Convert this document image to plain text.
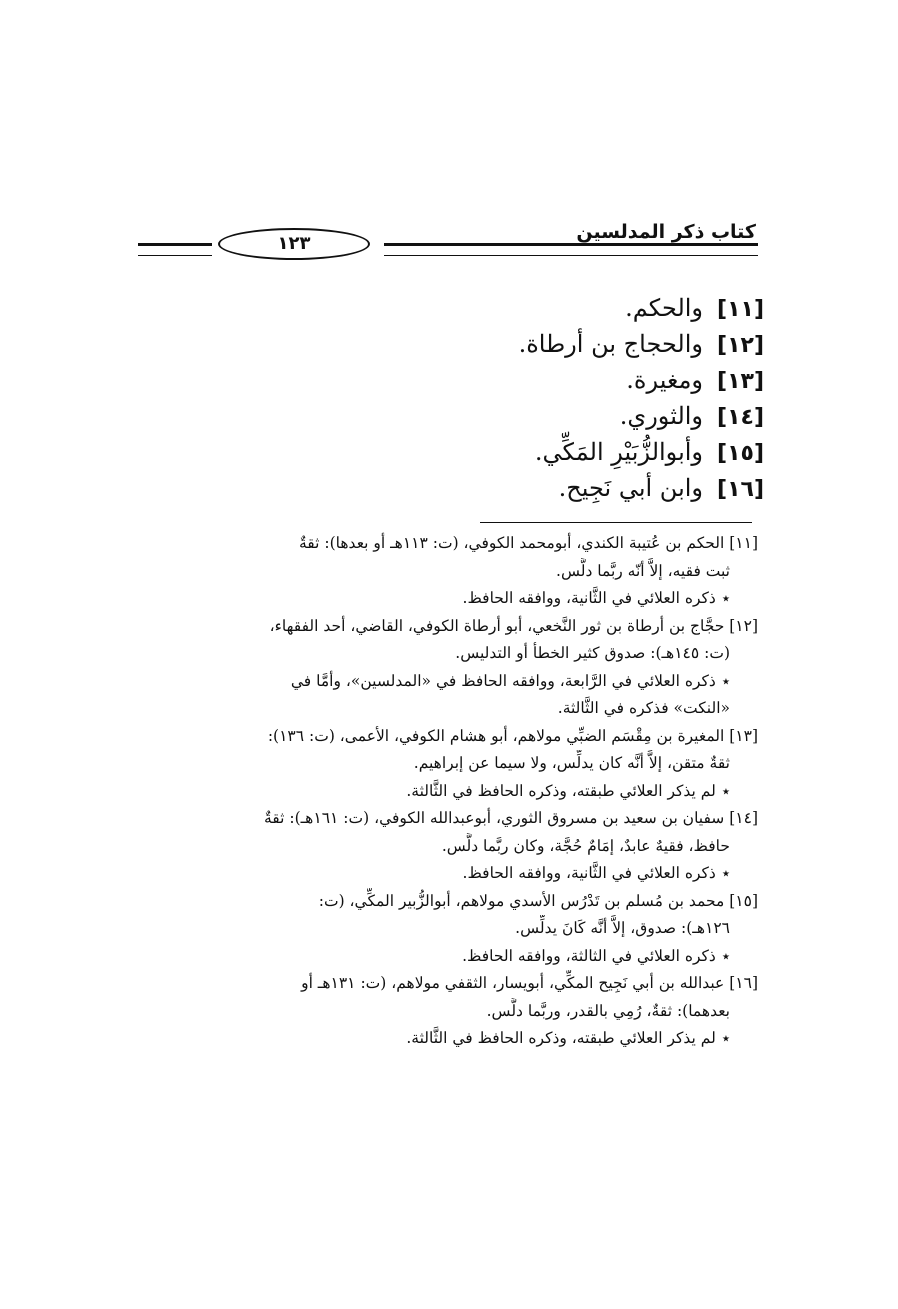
كتاب ذكر المدلسين
١٢٣
[١١]والحكم.
[١٢]والحجاج بن أرطاة.
[١٣]ومغيرة.
[١٤]والثوري.
[١٥]وأبوالزُّبَيْرِ المَكِّي.
[١٦]وابن أبي نَجِيح.
[١١] الحكم بن عُتيبة الكندي، أبومحمد الكوفي، (ت: ١١٣هـ أو بعدها): ثقةٌ
ثبت فقيه، إلاَّ أنّه ربَّما دلَّس.
٭ذكره العلائي في الثَّانية، ووافقه الحافظ.
[١٢] حجَّاج بن أرطاة بن ثور النَّخعي، أبو أرطاة الكوفي، القاضي، أحد الفقهاء،
(ت: ١٤٥هـ): صدوق كثير الخطأ أو التدليس.
٭ذكره العلائي في الرَّابعة، ووافقه الحافظ في «المدلسين»، وأمَّا في
«النكت» فذكره في الثَّالثة.
[١٣] المغيرة بن مِقْسَم الضبِّي مولاهم، أبو هشام الكوفي، الأعمى، (ت: ١٣٦):
ثقةٌ متقن، إلاَّ أنَّه كان يدلِّس، ولا سيما عن إبراهيم.
٭لم يذكر العلائي طبقته، وذكره الحافظ في الثَّالثة.
[١٤] سفيان بن سعيد بن مسروق الثوري، أبوعبدالله الكوفي، (ت: ١٦١هـ): ثقةٌ
حافظ، فقيهٌ عابدٌ، إمَامٌ حُجَّة، وكان ربَّما دلَّس.
٭ذكره العلائي في الثَّانية، ووافقه الحافظ.
[١٥] محمد بن مُسلم بن تَدْرُس الأسدي مولاهم، أبوالزُّبير المكِّي، (ت:
١٢٦هـ): صدوق، إلاَّ أنَّه كَانَ يدلِّس.
٭ذكره العلائي في الثالثة، ووافقه الحافظ.
[١٦] عبدالله بن أبي نَجِيح المكِّي، أبويسار، الثقفي مولاهم، (ت: ١٣١هـ أو
بعدهما): ثقةٌ، رُمِي بالقدر، وربَّما دلَّس.
٭لم يذكر العلائي طبقته، وذكره الحافظ في الثَّالثة.
